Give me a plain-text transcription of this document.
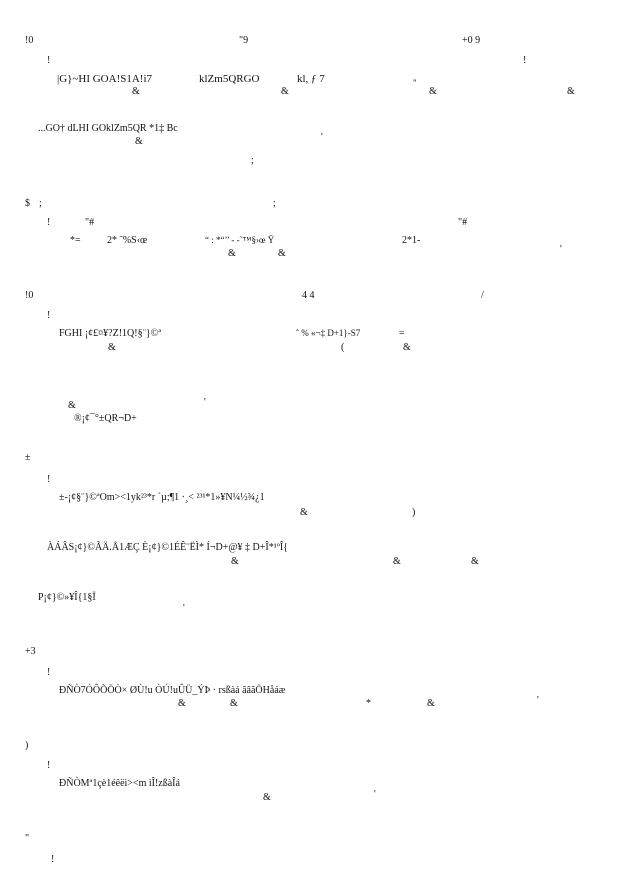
!0	"9	+0 9
!	!
|G}~HI GOA!S1A!i7	klZm5QRGO	kl, ƒ 7	"
&	&	&	&
...GO† dLHI GOklZm5QR *1‡ Bc
&	'
;
$ ;	;
!	"#	"#
*=	2* ˜%S‹œ	“ : *“’’ - -˜™§›œ Ÿ	2*1-
&	&	'
!0	4 4	/
!
FGHI ¡¢£¤¥?Z!1Q!§¨}©ª	ˆ % «¬‡ D+1}-S7	=
&	(	&
&	'
®¡¢¯°±QR¬D+
±
!
±-¡¢§¨}©ªOm><1yk²³*r ´µ;¶1 ·¸< ²³¹*1»¥N¼½¾¿1
&	)
ÀÁÂS¡¢}©ÃÄ.Å1ÆÇ È¡¢}©1ÉÊ¨ËÌ* Í¬D+@¥ ‡ D+Î*¹ºÎ{
&	&	&
P¡¢}©»¥Î{1§Ï
'
+3
!
ÐÑÒ7ÓÔÕÖÒ× ØÙ!u ÒÚ!uÛÜ_ÝÞ · rsßàá ââãÖHåáæ
&	&	*	&	'
)
!
ÐÑÒMª1çè1éêëì><m ìÎ!zßàÎá
&	'
"
!
